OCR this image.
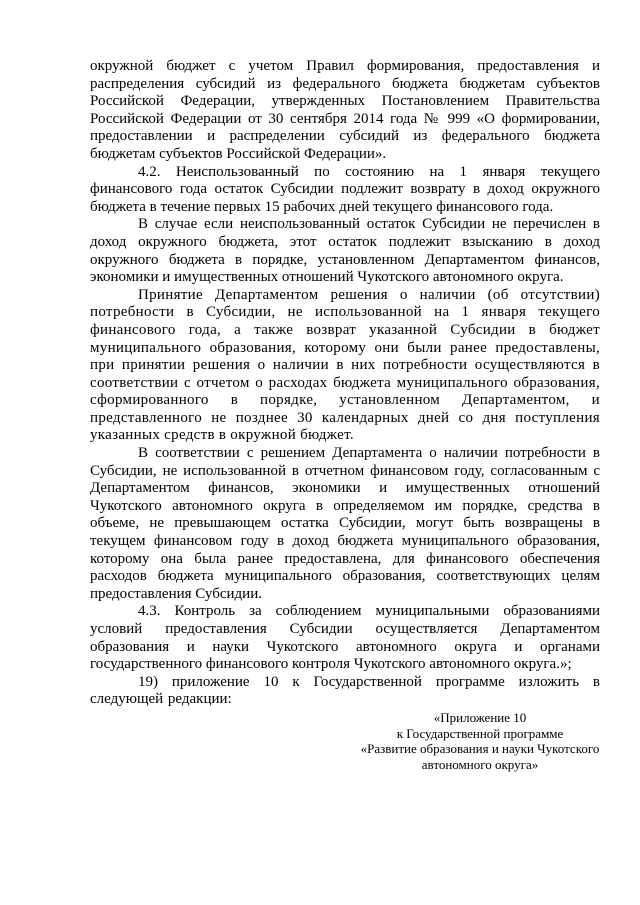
окружной бюджет с учетом Правил формирования, предоставления и распределения субсидий из федерального бюджета бюджетам субъектов Российской Федерации, утвержденных Постановлением Правительства Российской Федерации от 30 сентября 2014 года № 999 «О формировании, предоставлении и распределении субсидий из федерального бюджета бюджетам субъектов Российской Федерации».

4.2. Неиспользованный по состоянию на 1 января текущего финансового года остаток Субсидии подлежит возврату в доход окружного бюджета в течение первых 15 рабочих дней текущего финансового года.

В случае если неиспользованный остаток Субсидии не перечислен в доход окружного бюджета, этот остаток подлежит взысканию в доход окружного бюджета в порядке, установленном Департаментом финансов, экономики и имущественных отношений Чукотского автономного округа.

Принятие Департаментом решения о наличии (об отсутствии) потребности в Субсидии, не использованной на 1 января текущего финансового года, а также возврат указанной Субсидии в бюджет муниципального образования, которому они были ранее предоставлены, при принятии решения о наличии в них потребности осуществляются в соответствии с отчетом о расходах бюджета муниципального образования, сформированного в порядке, установленном Департаментом, и представленного не позднее 30 календарных дней со дня поступления указанных средств в окружной бюджет.

В соответствии с решением Департамента о наличии потребности в Субсидии, не использованной в отчетном финансовом году, согласованным с Департаментом финансов, экономики и имущественных отношений Чукотского автономного округа в определяемом им порядке, средства в объеме, не превышающем остатка Субсидии, могут быть возвращены в текущем финансовом году в доход бюджета муниципального образования, которому она была ранее предоставлена, для финансового обеспечения расходов бюджета муниципального образования, соответствующих целям предоставления Субсидии.

4.3. Контроль за соблюдением муниципальными образованиями условий предоставления Субсидии осуществляется Департаментом образования и науки Чукотского автономного округа и органами государственного финансового контроля Чукотского автономного округа.»;

19) приложение 10 к Государственной программе изложить в следующей редакции:

«Приложение 10
к Государственной программе
«Развитие образования и науки Чукотского
автономного округа»
